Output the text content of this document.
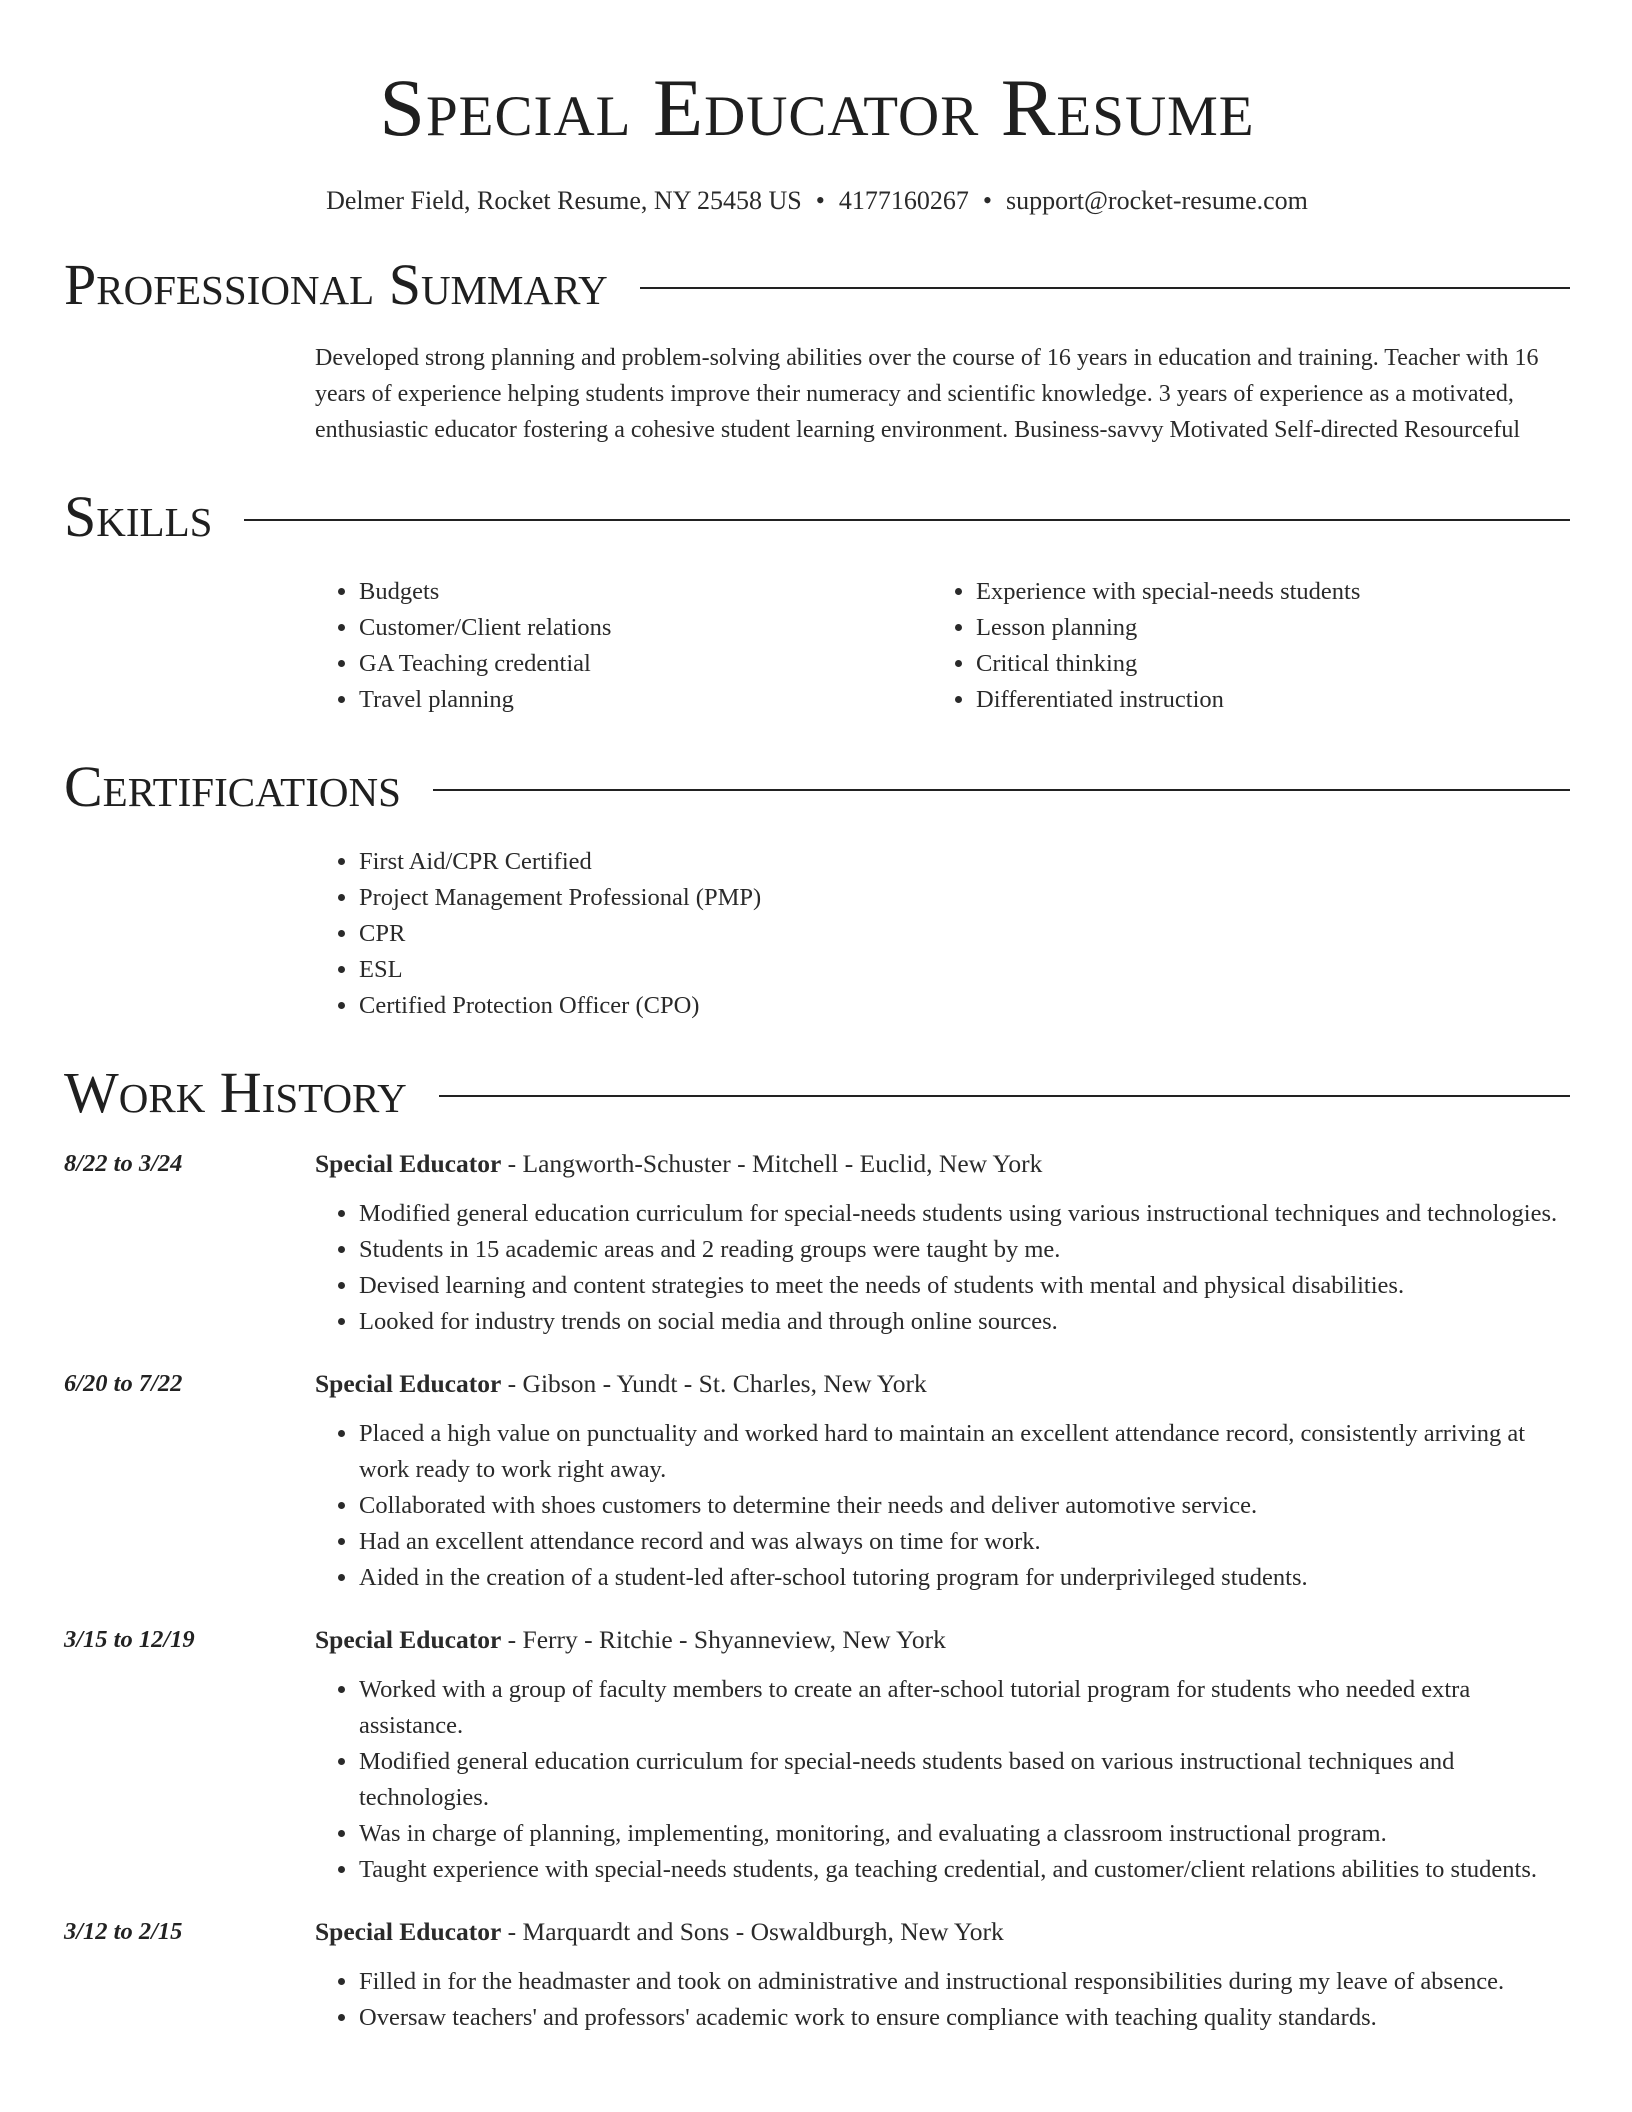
Special Educator Resume
Delmer Field, Rocket Resume, NY 25458 US • 4177160267 • support@rocket-resume.com
Professional Summary
Developed strong planning and problem-solving abilities over the course of 16 years in education and training. Teacher with 16 years of experience helping students improve their numeracy and scientific knowledge. 3 years of experience as a motivated, enthusiastic educator fostering a cohesive student learning environment. Business-savvy Motivated Self-directed Resourceful
Skills
• Budgets
• Customer/Client relations
• GA Teaching credential
• Travel planning
• Experience with special-needs students
• Lesson planning
• Critical thinking
• Differentiated instruction
Certifications
• First Aid/CPR Certified
• Project Management Professional (PMP)
• CPR
• ESL
• Certified Protection Officer (CPO)
Work History
8/22 to 3/24	Special Educator - Langworth-Schuster - Mitchell - Euclid, New York
• Modified general education curriculum for special-needs students using various instructional techniques and technologies.
• Students in 15 academic areas and 2 reading groups were taught by me.
• Devised learning and content strategies to meet the needs of students with mental and physical disabilities.
• Looked for industry trends on social media and through online sources.
6/20 to 7/22	Special Educator - Gibson - Yundt - St. Charles, New York
• Placed a high value on punctuality and worked hard to maintain an excellent attendance record, consistently arriving at work ready to work right away.
• Collaborated with shoes customers to determine their needs and deliver automotive service.
• Had an excellent attendance record and was always on time for work.
• Aided in the creation of a student-led after-school tutoring program for underprivileged students.
3/15 to 12/19	Special Educator - Ferry - Ritchie - Shyanneview, New York
• Worked with a group of faculty members to create an after-school tutorial program for students who needed extra assistance.
• Modified general education curriculum for special-needs students based on various instructional techniques and technologies.
• Was in charge of planning, implementing, monitoring, and evaluating a classroom instructional program.
• Taught experience with special-needs students, ga teaching credential, and customer/client relations abilities to students.
3/12 to 2/15	Special Educator - Marquardt and Sons - Oswaldburgh, New York
• Filled in for the headmaster and took on administrative and instructional responsibilities during my leave of absence.
• Oversaw teachers' and professors' academic work to ensure compliance with teaching quality standards.
